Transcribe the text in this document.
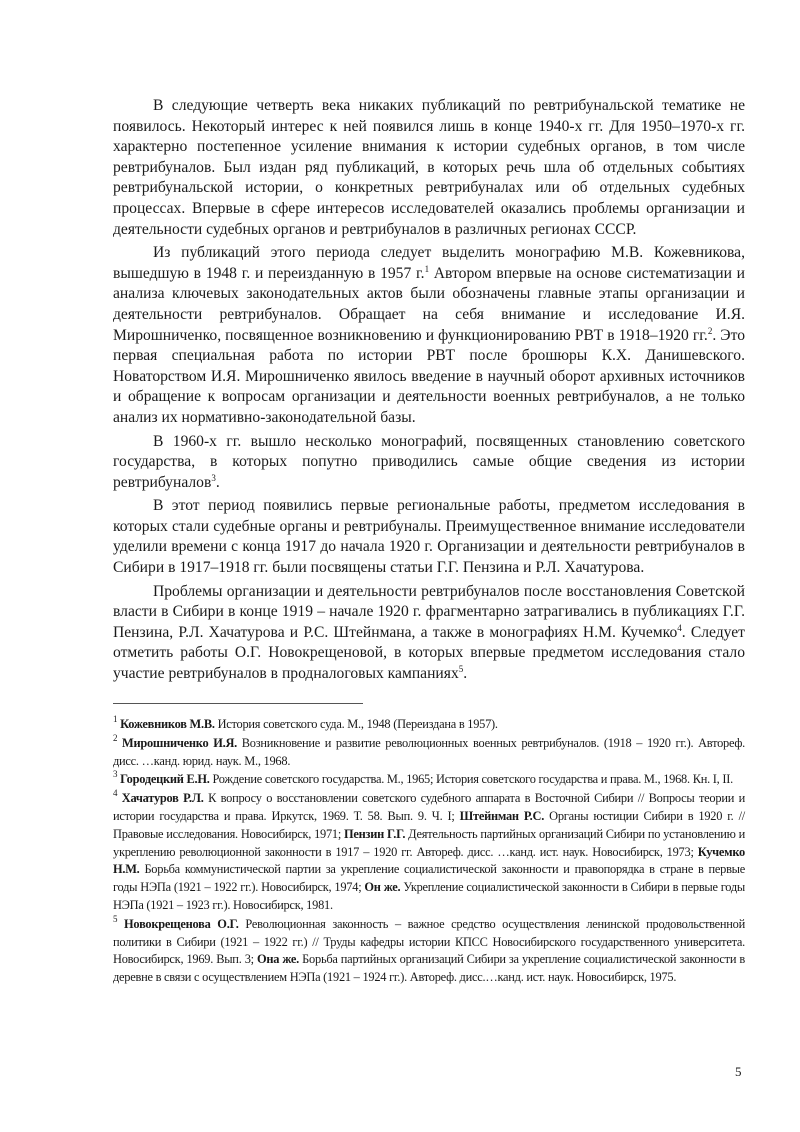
В следующие четверть века никаких публикаций по ревтрибунальской тематике не появилось. Некоторый интерес к ней появился лишь в конце 1940-х гг. Для 1950–1970-х гг. характерно постепенное усиление внимания к истории судебных органов, в том числе ревтрибуналов. Был издан ряд публикаций, в которых речь шла об отдельных событиях ревтрибунальской истории, о конкретных ревтрибуналах или об отдельных судебных процессах. Впервые в сфере интересов исследователей оказались проблемы организации и деятельности судебных органов и ревтрибуналов в различных регионах СССР.

Из публикаций этого периода следует выделить монографию М.В. Кожевникова, вышедшую в 1948 г. и переизданную в 1957 г.$^1$ Автором впервые на основе систематизации и анализа ключевых законодательных актов были обозначены главные этапы организации и деятельности ревтрибуналов. Обращает на себя внимание и исследование И.Я. Мирошниченко, посвященное возникновению и функционированию РВТ в 1918–1920 гг.$^2$. Это первая специальная работа по истории РВТ после брошюры К.Х. Данишевского. Новаторством И.Я. Мирошниченко явилось введение в научный оборот архивных источников и обращение к вопросам организации и деятельности военных ревтрибуналов, а не только анализ их нормативно-законодательной базы.

В 1960-х гг. вышло несколько монографий, посвященных становлению советского государства, в которых попутно приводились самые общие сведения из истории ревтрибуналов$^3$.

В этот период появились первые региональные работы, предметом исследования в которых стали судебные органы и ревтрибуналы. Преимущественное внимание исследователи уделили времени с конца 1917 до начала 1920 г. Организации и деятельности ревтрибуналов в Сибири в 1917–1918 гг. были посвящены статьи Г.Г. Пензина и Р.Л. Хачатурова.

Проблемы организации и деятельности ревтрибуналов после восстановления Советской власти в Сибири в конце 1919 – начале 1920 г. фрагментарно затрагивались в публикациях Г.Г. Пензина, Р.Л. Хачатурова и Р.С. Штейнмана, а также в монографиях Н.М. Кучемко$^4$. Следует отметить работы О.Г. Новокрещеновой, в которых впервые предметом исследования стало участие ревтрибуналов в продналоговых кампаниях$^5$.

$^1$ Кожевников М.В. История советского суда. М., 1948 (Переиздана в 1957).

$^2$ Мирошниченко И.Я. Возникновение и развитие революционных военных ревтрибуналов. (1918 – 1920 гг.). Автореф. дисс. …канд. юрид. наук. М., 1968.

$^3$ Городецкий Е.Н. Рождение советского государства. М., 1965; История советского государства и права. М., 1968. Кн. I, II.

$^4$ Хачатуров Р.Л. К вопросу о восстановлении советского судебного аппарата в Восточной Сибири // Вопросы теории и истории государства и права. Иркутск, 1969. Т. 58. Вып. 9. Ч. I; Штейнман Р.С. Органы юстиции Сибири в 1920 г. // Правовые исследования. Новосибирск, 1971; Пензин Г.Г. Деятельность партийных организаций Сибири по установлению и укреплению революционной законности в 1917 – 1920 гг. Автореф. дисс. …канд. ист. наук. Новосибирск, 1973; Кучемко Н.М. Борьба коммунистической партии за укрепление социалистической законности и правопорядка в стране в первые годы НЭПа (1921 – 1922 гг.). Новосибирск, 1974; Он же. Укрепление социалистической законности в Сибири в первые годы НЭПа (1921 – 1923 гг.). Новосибирск, 1981.

$^5$ Новокрещенова О.Г. Революционная законность – важное средство осуществления ленинской продовольственной политики в Сибири (1921 – 1922 гг.) // Труды кафедры истории КПСС Новосибирского государственного университета. Новосибирск, 1969. Вып. 3; Она же. Борьба партийных организаций Сибири за укрепление социалистической законности в деревне в связи с осуществлением НЭПа (1921 – 1924 гг.). Автореф. дисс.…канд. ист. наук. Новосибирск, 1975.

5
